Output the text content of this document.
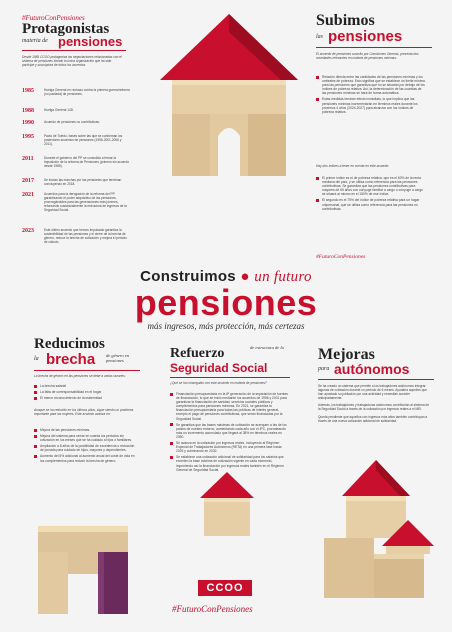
#FuturoConPensiones
Protagonistas
materia de pensiones
Desde 1985 CCOO protagoniza las negociaciones relacionadas con el sistema de pensiones siendo la única organización que ha sido partícipe y suscriptora de todos los acuerdos.
1985	Huelga General en rechazo contra la primera guerra/reforma (no pactada) de pensiones.
1988	Huelga General 14D.
1990	Acuerdo de pensiones no contributivas.
1995	Pacto de Toledo, bases sobre las que se conforman los posteriores acuerdos de pensiones (1996-2001-2006 y 2011).
2011	Durante el gobierno del PP se consolida a frenar la imposición de la reforma de Pensiones (primero sin acuerdo desde 1985).
2017	Se inician las marchas por las pensiones que terminan concluyendo en 2018.
2021	Acuerdos para la derogación de la reforma del PP garantizando el poder adquisitivo de las pensiones, prorrrogándoles para las generaciones más jóvenes, reforzando sustancialmente la estructura de ingresos de la Seguridad Social.
2023	Este último acuerdo que hemos impulsado garantiza la sostenibilidad de las pensiones y el cierre de la brecha de género, reduce la brecha de cotización y mejora el periodo de cálculo.
Subimos
las pensiones
El acuerdo de pensiones suscrito por Comisiones Obreras, presenta dos novedades relevantes en materia de pensiones mínimas:
Relación directa entre las cantidades de las pensiones mínimas y los umbrales de pobreza. Esto significa que se establece un límite mínimo para las pensiones que garantiza que no se situarán por debajo de los índices de pobreza relativa. Así, la determinación de las cuantías de las pensiones mínimas se hará de forma automática.
Estas medidas tendrán efecto inmediato, lo que implica que las pensiones mínimas incrementarán en términos reales durante los próximos 4 años (2024-2027) para alcanzar con los índices de pobreza relativa.
Hay dos índices a tener en cuenta en este acuerdo:
El primer índice es el de pobreza relativa, que es el 60% de la renta mediana del país, y se utiliza como referencia para las pensiones contributivas. Se garantiza que las pensiones contributivas para mayores de 65 años con cónyuge familiar a cargo o cónyuge a cargo se situará al mismo en el 150% de ese índice.
El segundo es el 75% del índice de pobreza relativa para un hogar unipersonal, que se utiliza como referencia para las pensiones no contributivas.
#FuturoConPensiones
Construimos ● un futuro
pensiones
más ingresos, más protección, más certezas
Reducimos
la brecha de género en pensiones
La brecha de género en las pensiones se debe a varias razones:
La brecha salarial
La falta de corresponsabilidad en el hogar
El menor reconocimiento de la maternidad
Aunque se ha reducido en los últimos años, sigue siendo un problema importante para las mujeres. Este acuerdo avanza en:
Mejora de las pensiones mínimas.
Mejora del sistema para cerrar en cuenta los periodos sin cotización en los meses que se ha cuidado a hijos o familiares.
Ampliación a 8 años de la posibilidad de excedencia o reducción de jornada para cuidado de hijos, mayores y dependientes.
Aumento del 5% adicional al aumento anual del coste de vida en los complementos para reducir la brecha de género.
Refuerzo	de estructura de la
Seguridad Social
¿Qué se ha conseguido con este acuerdo en materia de pensiones?
Financiación presupuestaria en la 8ª generación de la separación de fuentes de financiación, lo que se inició mediante los acuerdos de 1996 y 2001 para garantizar la financiación de sanidad, servicios sociales públicos y complementos para pensiones mínimas. En 2021, se garantiza la financiación presupuestaria para todas las políticas de interés general, excepto el pago de pensiones contributivas, que serán financiadas por la Seguridad Social.
Se garantiza que las bases máximas de cotización se acerquen a las de los países de nuestro entorno, aumentando cada año con el IPC, prorrateando más un incremento acumulado que llegará al 38% en términos reales en 2050.
Se avanza en la cotización por ingresos reales, incluyendo al Régimen Especial de Trabajadores Autónomos (RETA) en una primera fase hasta 2025 y culminando en 2032.
Se establece una cotización adicional de solidaridad para los salarios que exceden la base máxima de cotización vigente en cada momento, imponiendo así la financiación por ingresos reales también en el Régimen General de Seguridad Social.
Mejoras
para autónomos

Se ha creado un sistema que permite a los trabajadores autónomos integrar lagunas de cotización durante un periodo de 6 meses. Ayudaría aquellos que han apostado su jubilación por una actividad y necesitan acceder anticipadamente.

Además, los trabajadores y trabajadoras autónomos contribuirán al sistema de la Seguridad Social a través de la cotización por ingresos reales a el MEI.

Queda pendiente que aquellos con ingresos más altos también contribuyan a través de una nueva cotización adicional de solidaridad.

CCOO
#FuturoConPensiones
